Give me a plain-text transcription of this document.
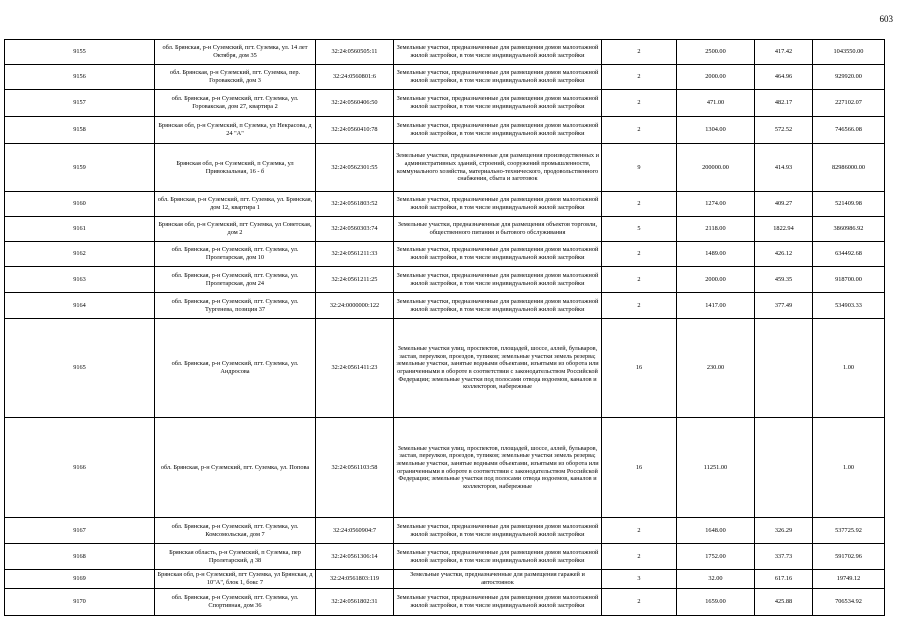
603
9155	обл. Брянская, р-н Суземский, пгт. Суземка, ул. 14 лет Октября, дом 35	32:24:0560505:11	Земельные участки, предназначенные для размещения домов малоэтажной жилой застройки, в том числе индивидуальной жилой застройки	2	2500.00	417.42	1043550.00
9156	обл. Брянская, р-н Суземский, пгт. Суземка, пер. Горовакский, дом 3	32:24:0560801:6	Земельные участки, предназначенные для размещения домов малоэтажной жилой застройки, в том числе индивидуальной жилой застройки	2	2000.00	464.96	929920.00
9157	обл. Брянская, р-н Суземский, пгт. Суземка, ул. Горовакская, дом 27, квартира 2	32:24:0560406:50	Земельные участки, предназначенные для размещения домов малоэтажной жилой застройки, в том числе индивидуальной жилой застройки	2	471.00	482.17	227102.07
9158	Брянская обл, р-н Суземский, п Суземка, ул Некрасова, д 24 "А"	32:24:0560410:78	Земельные участки, предназначенные для размещения домов малоэтажной жилой застройки, в том числе индивидуальной жилой застройки	2	1304.00	572.52	746566.08
9159	Брянская обл, р-н Суземский, п Суземка, ул Привокзальная, 16 - б	32:24:0562301:55	Земельные участки, предназначенные для размещения производственных и административных зданий, строений, сооружений промышленности, коммунального хозяйства, материально-технического, продовольственного снабжения, сбыта и заготовок	9	200000.00	414.93	82986000.00
9160	обл. Брянская, р-н Суземский, пгт. Суземка, ул. Брянская, дом 12, квартира 1	32:24:0561803:52	Земельные участки, предназначенные для размещения домов малоэтажной жилой застройки, в том числе индивидуальной жилой застройки	2	1274.00	409.27	521409.98
9161	Брянская обл, р-н Суземский, пгт Суземка, ул Советская, дом 2	32:24:0560303:74	Земельные участки, предназначенные для размещения объектов торговли, общественного питания и бытового обслуживания	5	2118.00	1822.94	3860986.92
9162	обл. Брянская, р-н Суземский, пгт. Суземка, ул. Пролетарская, дом 10	32:24:0561211:33	Земельные участки, предназначенные для размещения домов малоэтажной жилой застройки, в том числе индивидуальной жилой застройки	2	1489.00	426.12	634492.68
9163	обл. Брянская, р-н Суземский, пгт. Суземка, ул. Пролетарская, дом 24	32:24:0561211:25	Земельные участки, предназначенные для размещения домов малоэтажной жилой застройки, в том числе индивидуальной жилой застройки	2	2000.00	459.35	918700.00
9164	обл. Брянская, р-н Суземский, пгт. Суземка, ул. Тургенева, позиция 37	32:24:0000000:122	Земельные участки, предназначенные для размещения домов малоэтажной жилой застройки, в том числе индивидуальной жилой застройки	2	1417.00	377.49	534903.33
9165	обл. Брянская, р-н Суземский, пгт. Суземка, ул. Андросова	32:24:0561411:23	Земельные участки улиц, проспектов, площадей, шоссе, аллей, бульваров, застав, переулков, проездов, тупиков; земельные участки земель резерва; земельные участки, занятые водными объектами, изъятыми из оборота или ограниченными в обороте в соответствии с законодательством Российской Федерации; земельные участки под полосами отвода водоемов, каналов и коллекторов, набережные	16	230.00		1.00
9166	обл. Брянская, р-н Суземский, пгт. Суземка, ул. Попова	32:24:0561103:58	Земельные участки улиц, проспектов, площадей, шоссе, аллей, бульваров, застав, переулков, проездов, тупиков; земельные участки земель резерва; земельные участки, занятые водными объектами, изъятыми из оборота или ограниченными в обороте в соответствии с законодательством Российской Федерации; земельные участки под полосами отвода водоемов, каналов и коллекторов, набережные	16	11251.00		1.00
9167	обл. Брянская, р-н Суземский, пгт. Суземка, ул. Комсомольская, дом 7	32:24:0560904:7	Земельные участки, предназначенные для размещения домов малоэтажной жилой застройки, в том числе индивидуальной жилой застройки	2	1648.00	326.29	537725.92
9168	Брянская область, р-н Суземский, п Суземка, пер Пролетарский, д 38	32:24:0561306:14	Земельные участки, предназначенные для размещения домов малоэтажной жилой застройки, в том числе индивидуальной жилой застройки	2	1752.00	337.73	591702.96
9169	Брянская обл, р-н Суземский, пгт Суземка, ул Брянская, д 10"А", блок 1, бокс 7	32:24:0561803:119	Земельные участки, предназначенные для размещения гаражей и автостоянок	3	32.00	617.16	19749.12
9170	обл. Брянская, р-н Суземский, пгт. Суземка, ул. Спортивная, дом 36	32:24:0561802:31	Земельные участки, предназначенные для размещения домов малоэтажной жилой застройки, в том числе индивидуальной жилой застройки	2	1659.00	425.88	706534.92
